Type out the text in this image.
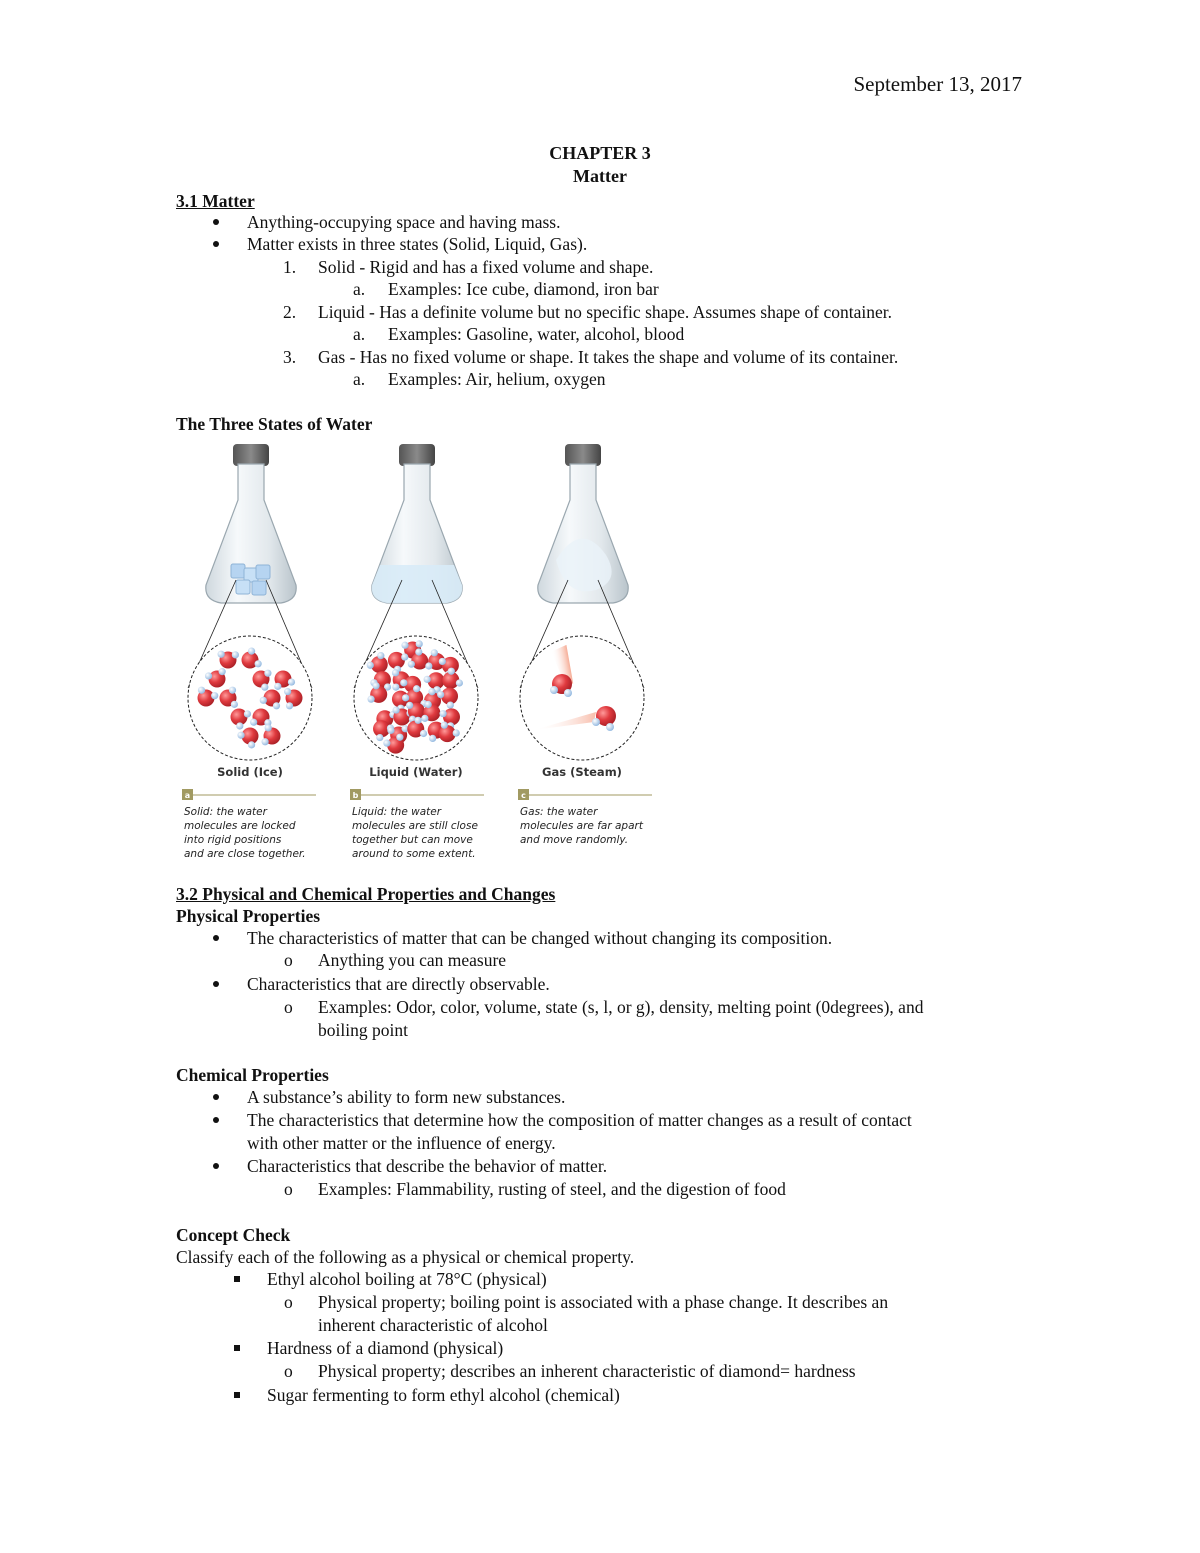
September 13, 2017
CHAPTER 3
Matter
3.1 Matter
Anything-occupying space and having mass.
Matter exists in three states (Solid, Liquid, Gas).
1. Solid - Rigid and has a fixed volume and shape.
a. Examples: Ice cube, diamond, iron bar
2. Liquid - Has a definite volume but no specific shape. Assumes shape of container.
a. Examples: Gasoline, water, alcohol, blood
3. Gas - Has no fixed volume or shape. It takes the shape and volume of its container.
a. Examples: Air, helium, oxygen
The Three States of Water
Solid (Ice)	Liquid (Water)	Gas (Steam)
a	b	c
Solid: the water
molecules are locked
into rigid positions
and are close together.
Liquid: the water
molecules are still close
together but can move
around to some extent.
Gas: the water
molecules are far apart
and move randomly.
3.2 Physical and Chemical Properties and Changes
Physical Properties
The characteristics of matter that can be changed without changing its composition.
o Anything you can measure
Characteristics that are directly observable.
o Examples: Odor, color, volume, state (s, l, or g), density, melting point (0degrees), and
boiling point
Chemical Properties
A substance’s ability to form new substances.
The characteristics that determine how the composition of matter changes as a result of contact
with other matter or the influence of energy.
Characteristics that describe the behavior of matter.
o Examples: Flammability, rusting of steel, and the digestion of food
Concept Check
Classify each of the following as a physical or chemical property.
Ethyl alcohol boiling at 78°C (physical)
o Physical property; boiling point is associated with a phase change. It describes an
inherent characteristic of alcohol
Hardness of a diamond (physical)
o Physical property; describes an inherent characteristic of diamond= hardness
Sugar fermenting to form ethyl alcohol (chemical)
